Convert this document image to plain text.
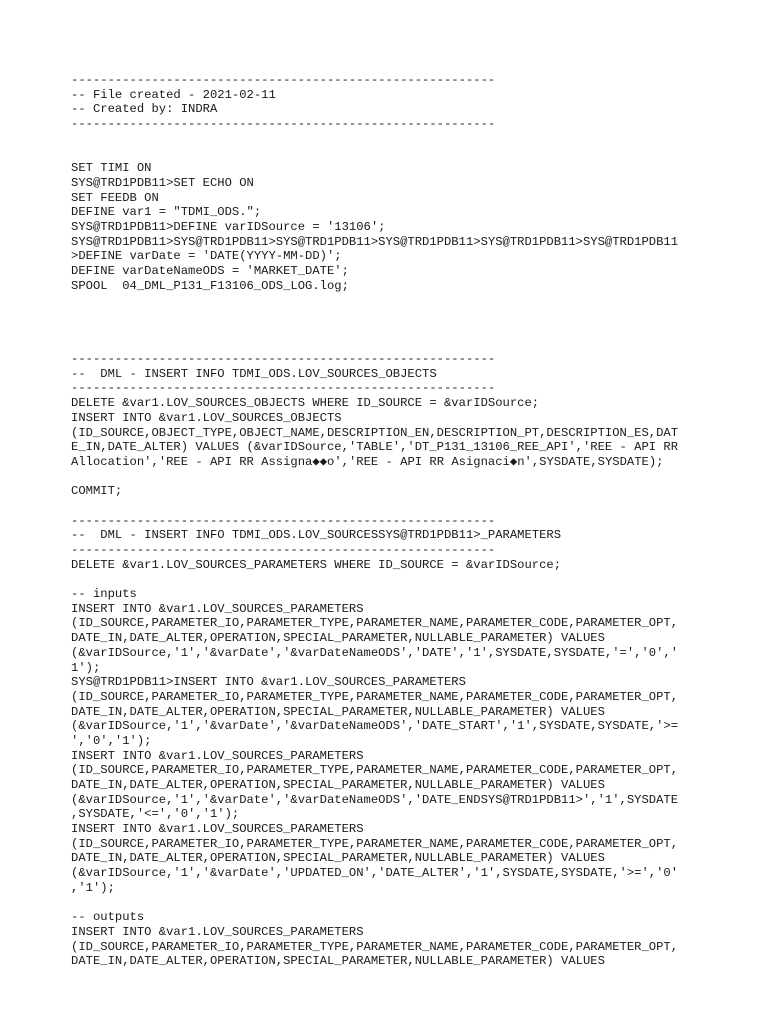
----------------------------------------------------------
-- File created - 2021-02-11
-- Created by: INDRA
----------------------------------------------------------
SET TIMI ON
SYS@TRD1PDB11>SET ECHO ON
SET FEEDB ON
DEFINE var1 = "TDMI_ODS.";
SYS@TRD1PDB11>DEFINE varIDSource = '13106';
SYS@TRD1PDB11>SYS@TRD1PDB11>SYS@TRD1PDB11>SYS@TRD1PDB11>SYS@TRD1PDB11>SYS@TRD1PDB11
>DEFINE varDate = 'DATE(YYYY-MM-DD)';
DEFINE varDateNameODS = 'MARKET_DATE';
SPOOL  04_DML_P131_F13106_ODS_LOG.log;
----------------------------------------------------------
--  DML - INSERT INFO TDMI_ODS.LOV_SOURCES_OBJECTS
----------------------------------------------------------
DELETE &var1.LOV_SOURCES_OBJECTS WHERE ID_SOURCE = &varIDSource;
INSERT INTO &var1.LOV_SOURCES_OBJECTS
(ID_SOURCE,OBJECT_TYPE,OBJECT_NAME,DESCRIPTION_EN,DESCRIPTION_PT,DESCRIPTION_ES,DAT
E_IN,DATE_ALTER) VALUES (&varIDSource,'TABLE','DT_P131_13106_REE_API','REE - API RR
Allocation','REE - API RR Assigna◆◆o','REE - API RR Asignaci◆n',SYSDATE,SYSDATE);
COMMIT;
----------------------------------------------------------
--  DML - INSERT INFO TDMI_ODS.LOV_SOURCESSYS@TRD1PDB11>_PARAMETERS
----------------------------------------------------------
DELETE &var1.LOV_SOURCES_PARAMETERS WHERE ID_SOURCE = &varIDSource;
-- inputs
INSERT INTO &var1.LOV_SOURCES_PARAMETERS
(ID_SOURCE,PARAMETER_IO,PARAMETER_TYPE,PARAMETER_NAME,PARAMETER_CODE,PARAMETER_OPT,
DATE_IN,DATE_ALTER,OPERATION,SPECIAL_PARAMETER,NULLABLE_PARAMETER) VALUES
(&varIDSource,'1','&varDate','&varDateNameODS','DATE','1',SYSDATE,SYSDATE,'=','0','
1');
SYS@TRD1PDB11>INSERT INTO &var1.LOV_SOURCES_PARAMETERS
(ID_SOURCE,PARAMETER_IO,PARAMETER_TYPE,PARAMETER_NAME,PARAMETER_CODE,PARAMETER_OPT,
DATE_IN,DATE_ALTER,OPERATION,SPECIAL_PARAMETER,NULLABLE_PARAMETER) VALUES
(&varIDSource,'1','&varDate','&varDateNameODS','DATE_START','1',SYSDATE,SYSDATE,'>=
','0','1');
INSERT INTO &var1.LOV_SOURCES_PARAMETERS
(ID_SOURCE,PARAMETER_IO,PARAMETER_TYPE,PARAMETER_NAME,PARAMETER_CODE,PARAMETER_OPT,
DATE_IN,DATE_ALTER,OPERATION,SPECIAL_PARAMETER,NULLABLE_PARAMETER) VALUES
(&varIDSource,'1','&varDate','&varDateNameODS','DATE_ENDSYS@TRD1PDB11>','1',SYSDATE
,SYSDATE,'<=','0','1');
INSERT INTO &var1.LOV_SOURCES_PARAMETERS
(ID_SOURCE,PARAMETER_IO,PARAMETER_TYPE,PARAMETER_NAME,PARAMETER_CODE,PARAMETER_OPT,
DATE_IN,DATE_ALTER,OPERATION,SPECIAL_PARAMETER,NULLABLE_PARAMETER) VALUES
(&varIDSource,'1','&varDate','UPDATED_ON','DATE_ALTER','1',SYSDATE,SYSDATE,'>=','0'
,'1');
-- outputs
INSERT INTO &var1.LOV_SOURCES_PARAMETERS
(ID_SOURCE,PARAMETER_IO,PARAMETER_TYPE,PARAMETER_NAME,PARAMETER_CODE,PARAMETER_OPT,
DATE_IN,DATE_ALTER,OPERATION,SPECIAL_PARAMETER,NULLABLE_PARAMETER) VALUES
